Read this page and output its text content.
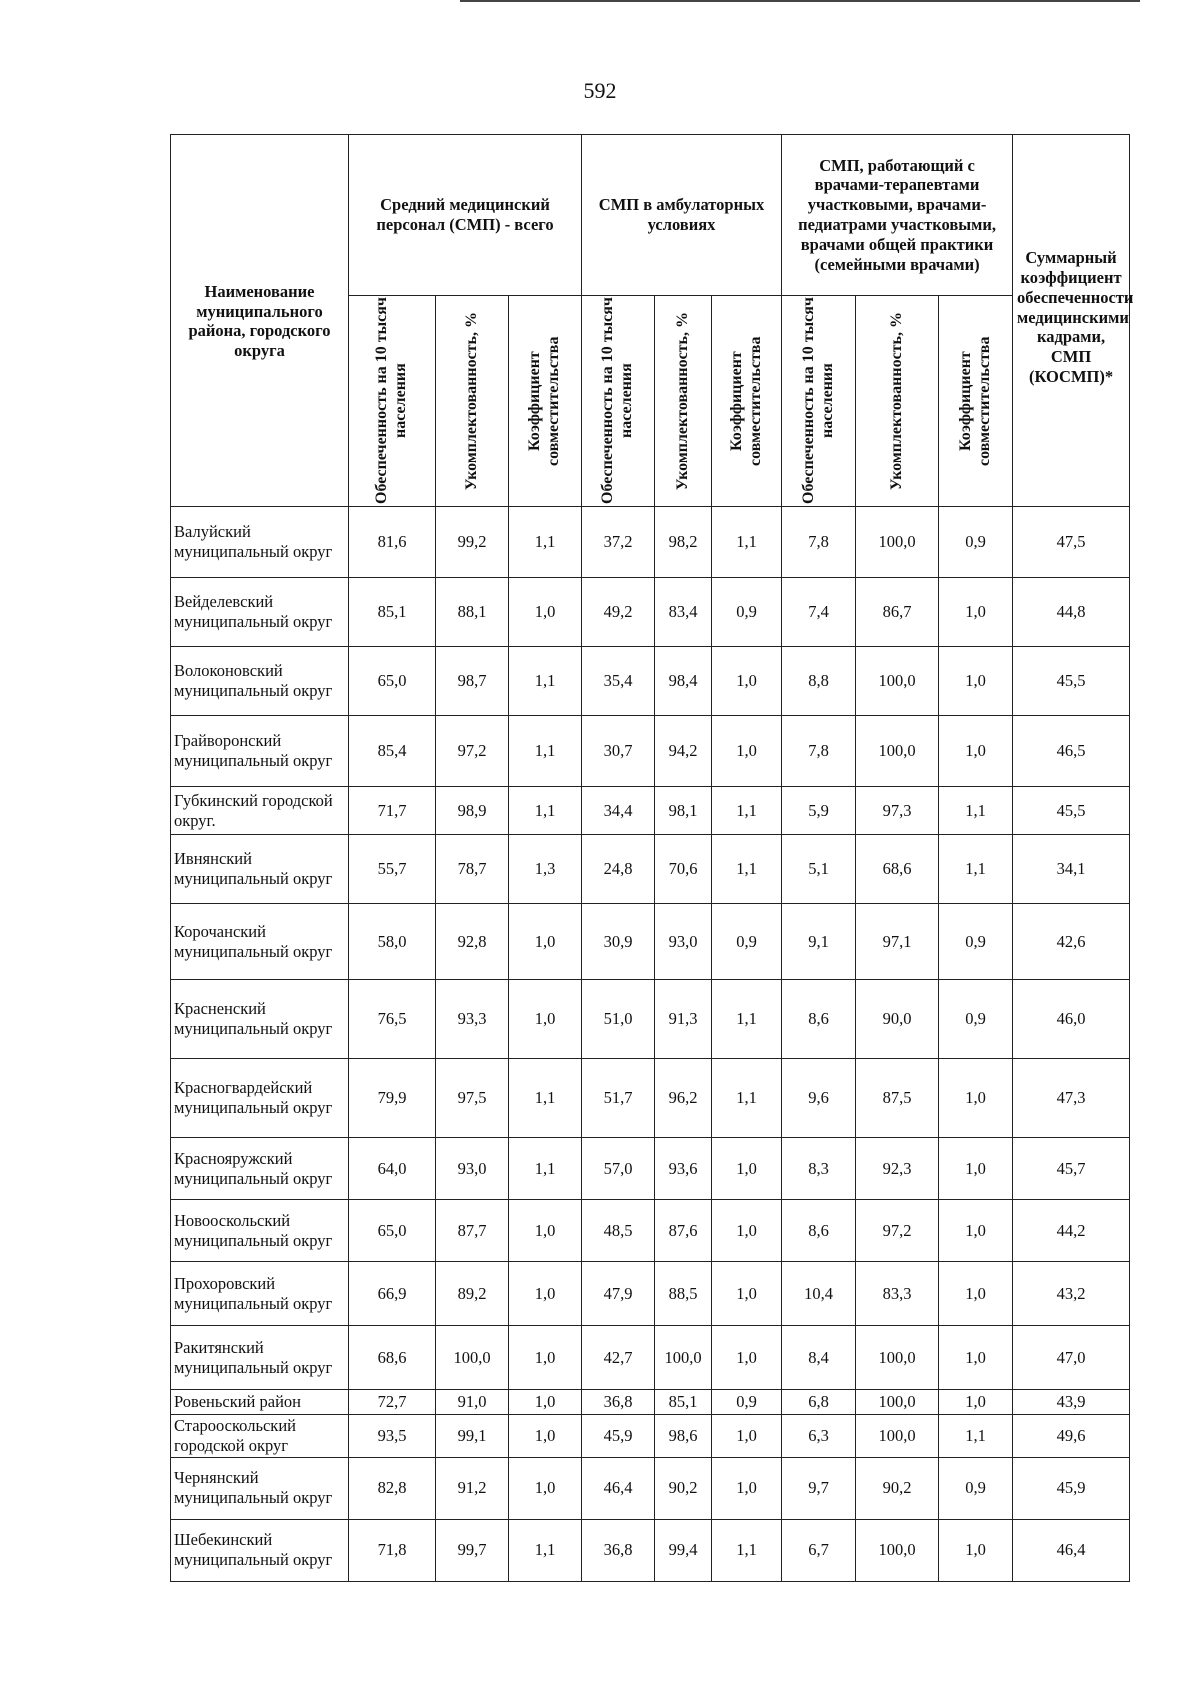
592
Наименование муниципального района, городского округа	Средний медицинский персонал (СМП) - всего			СМП в амбулаторных условиях			СМП, работающий с врачами-терапевтами участковыми, врачами-педиатрами участковыми, врачами общей практики (семейными врачами)			Суммарный коэффициент обеспеченности медицинскими кадрами, СМП (КОСМП)*

	Обеспеченность на 10 тысяч населения	Укомплектованность, %	Коэффициент совместительства	Обеспеченность на 10 тысяч населения	Укомплектованность, %	Коэффициент совместительства	Обеспеченность на 10 тысяч населения	Укомплектованность, %	Коэффициент совместительства	

Валуйский муниципальный округ	81,6	99,2	1,1	37,2	98,2	1,1	7,8	100,0	0,9	47,5
Вейделевский муниципальный округ	85,1	88,1	1,0	49,2	83,4	0,9	7,4	86,7	1,0	44,8
Волоконовский муниципальный округ	65,0	98,7	1,1	35,4	98,4	1,0	8,8	100,0	1,0	45,5
Грайворонский муниципальный округ	85,4	97,2	1,1	30,7	94,2	1,0	7,8	100,0	1,0	46,5
Губкинский городской округ.	71,7	98,9	1,1	34,4	98,1	1,1	5,9	97,3	1,1	45,5
Ивнянский муниципальный округ	55,7	78,7	1,3	24,8	70,6	1,1	5,1	68,6	1,1	34,1
Корочанский муниципальный округ	58,0	92,8	1,0	30,9	93,0	0,9	9,1	97,1	0,9	42,6
Красненский муниципальный округ	76,5	93,3	1,0	51,0	91,3	1,1	8,6	90,0	0,9	46,0
Красногвардейский муниципальный округ	79,9	97,5	1,1	51,7	96,2	1,1	9,6	87,5	1,0	47,3
Краснояружский муниципальный округ	64,0	93,0	1,1	57,0	93,6	1,0	8,3	92,3	1,0	45,7
Новооскольский муниципальный округ	65,0	87,7	1,0	48,5	87,6	1,0	8,6	97,2	1,0	44,2
Прохоровский муниципальный округ	66,9	89,2	1,0	47,9	88,5	1,0	10,4	83,3	1,0	43,2
Ракитянский муниципальный округ	68,6	100,0	1,0	42,7	100,0	1,0	8,4	100,0	1,0	47,0
Ровеньский район	72,7	91,0	1,0	36,8	85,1	0,9	6,8	100,0	1,0	43,9
Старооскольский городской округ	93,5	99,1	1,0	45,9	98,6	1,0	6,3	100,0	1,1	49,6
Чернянский муниципальный округ	82,8	91,2	1,0	46,4	90,2	1,0	9,7	90,2	0,9	45,9
Шебекинский муниципальный округ	71,8	99,7	1,1	36,8	99,4	1,1	6,7	100,0	1,0	46,4
